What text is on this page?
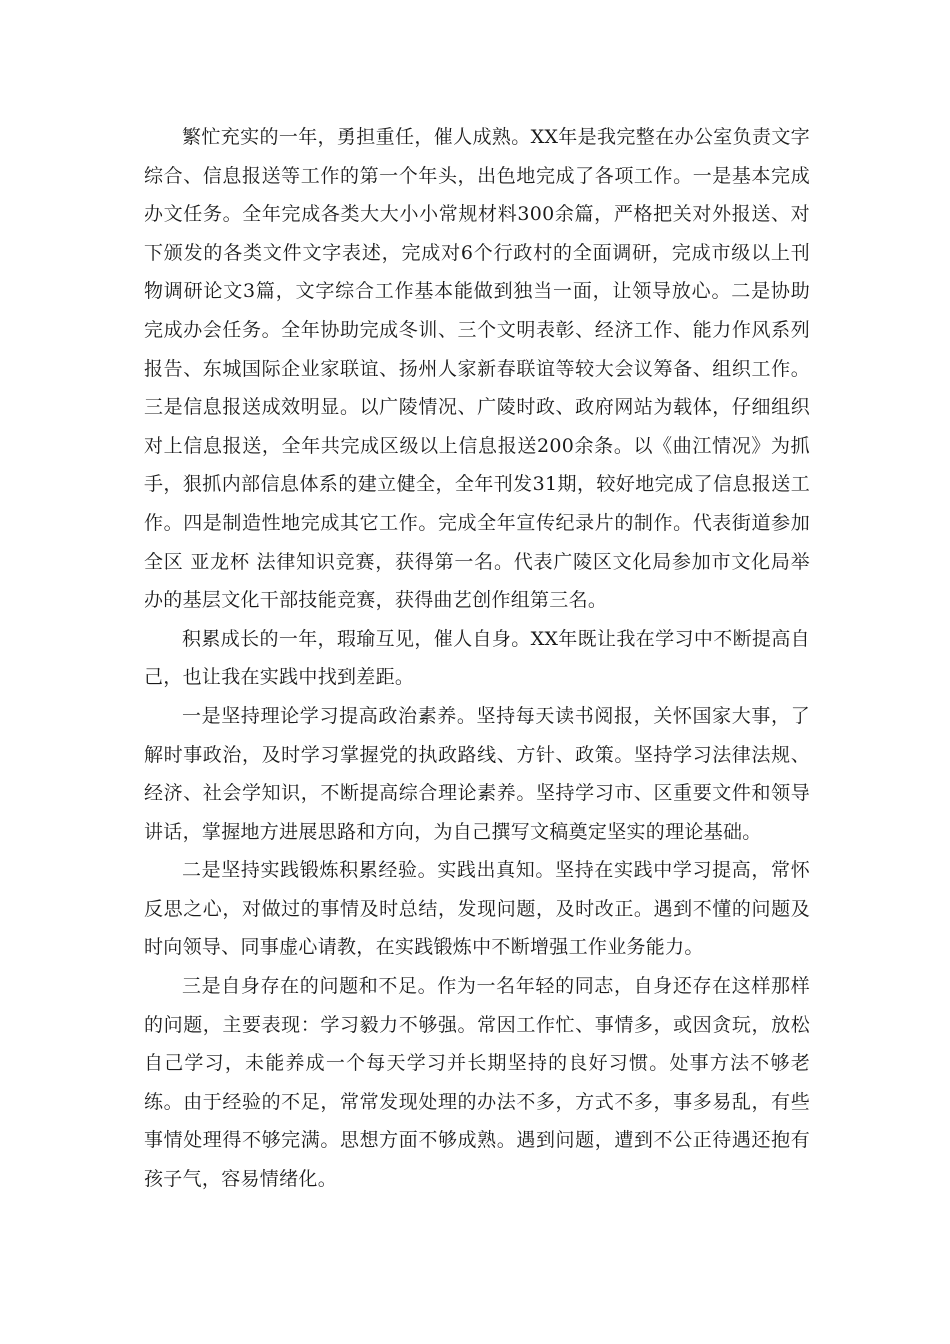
繁忙充实的一年，勇担重任，催人成熟。XX年是我完整在办公室负责文字综合、信息报送等工作的第一个年头，出色地完成了各项工作。一是基本完成办文任务。全年完成各类大大小小常规材料300余篇，严格把关对外报送、对下颁发的各类文件文字表述，完成对6个行政村的全面调研，完成市级以上刊物调研论文3篇，文字综合工作基本能做到独当一面，让领导放心。二是协助完成办会任务。全年协助完成冬训、三个文明表彰、经济工作、能力作风系列报告、东城国际企业家联谊、扬州人家新春联谊等较大会议筹备、组织工作。三是信息报送成效明显。以广陵情况、广陵时政、政府网站为载体，仔细组织对上信息报送，全年共完成区级以上信息报送200余条。以《曲江情况》为抓手，狠抓内部信息体系的建立健全，全年刊发31期，较好地完成了信息报送工作。四是制造性地完成其它工作。完成全年宣传纪录片的制作。代表街道参加全区 亚龙杯 法律知识竞赛，获得第一名。代表广陵区文化局参加市文化局举办的基层文化干部技能竞赛，获得曲艺创作组第三名。

积累成长的一年，瑕瑜互见，催人自身。XX年既让我在学习中不断提高自己，也让我在实践中找到差距。

一是坚持理论学习提高政治素养。坚持每天读书阅报，关怀国家大事，了解时事政治，及时学习掌握党的执政路线、方针、政策。坚持学习法律法规、经济、社会学知识，不断提高综合理论素养。坚持学习市、区重要文件和领导讲话，掌握地方进展思路和方向，为自己撰写文稿奠定坚实的理论基础。

二是坚持实践锻炼积累经验。实践出真知。坚持在实践中学习提高，常怀反思之心，对做过的事情及时总结，发现问题，及时改正。遇到不懂的问题及时向领导、同事虚心请教，在实践锻炼中不断增强工作业务能力。

三是自身存在的问题和不足。作为一名年轻的同志，自身还存在这样那样的问题，主要表现：学习毅力不够强。常因工作忙、事情多，或因贪玩，放松自己学习，未能养成一个每天学习并长期坚持的良好习惯。处事方法不够老练。由于经验的不足，常常发现处理的办法不多，方式不多，事多易乱，有些事情处理得不够完满。思想方面不够成熟。遇到问题，遭到不公正待遇还抱有孩子气，容易情绪化。
